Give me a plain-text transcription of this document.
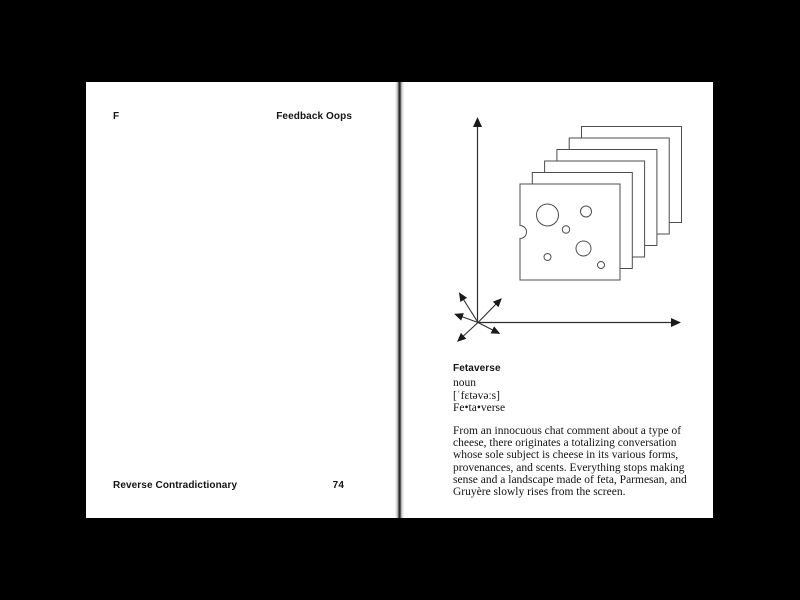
F	Feedback Oops
Reverse Contradictionary	74
Fetaverse
noun
[ˈfɛtəvəːs]
Fe•ta•verse
From an innocuous chat comment about a type of
cheese, there originates a totalizing conversation
whose sole subject is cheese in its various forms,
provenances, and scents. Everything stops making
sense and a landscape made of feta, Parmesan, and
Gruyère slowly rises from the screen.
